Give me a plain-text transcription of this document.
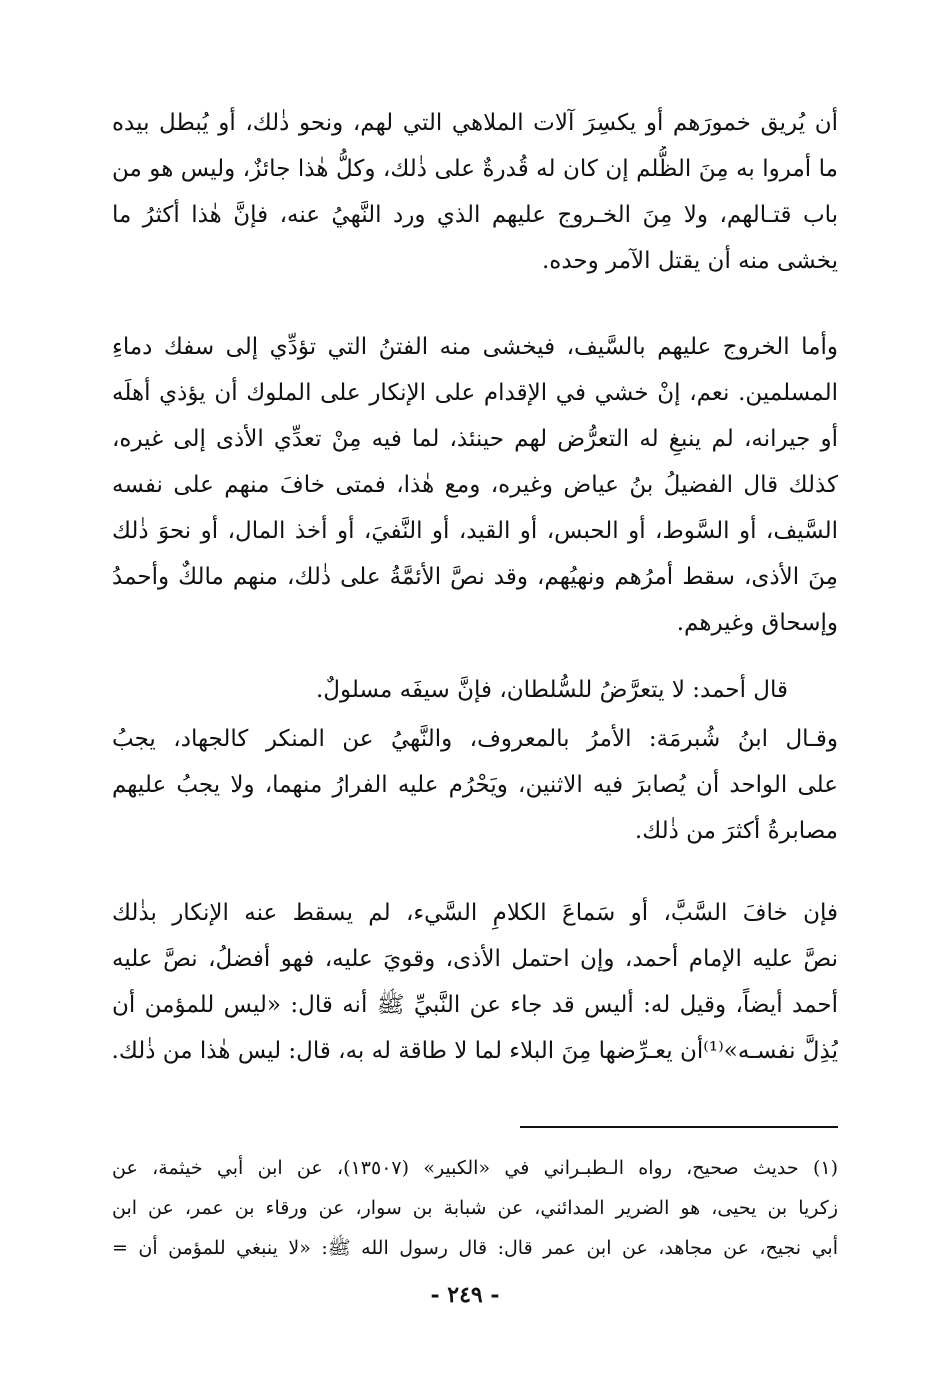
أن يُريق خمورَهم أو يكسِرَ آلات الملاهي التي لهم، ونحو ذٰلك، أو يُبطل بيده
ما أمروا به مِنَ الظُّلم إن كان له قُدرةٌ على ذٰلك، وكلُّ هٰذا جائزٌ، وليس هو من
باب قتـالهم، ولا مِنَ الخـروج عليهم الذي ورد النَّهيُ عنه، فإنَّ هٰذا أكثرُ ما
يخشى منه أن يقتل الآمر وحده.
وأما الخروج عليهم بالسَّيف، فيخشى منه الفتنُ التي تؤدِّي إلى سفك دماءِ
المسلمين. نعم، إنْ خشي في الإقدام على الإنكار على الملوك أن يؤذي أهلَه
أو جيرانه، لم ينبغِ له التعرُّض لهم حينئذ، لما فيه مِنْ تعدِّي الأذى إلى غيره،
كذلك قال الفضيلُ بنُ عياض وغيره، ومع هٰذا، فمتى خافَ منهم على نفسه
السَّيف، أو السَّوط، أو الحبس، أو القيد، أو النَّفيَ، أو أخذ المال، أو نحوَ ذٰلك
مِنَ الأذى، سقط أمرُهم ونهيُهم، وقد نصَّ الأئمَّةُ على ذٰلك، منهم مالكٌ وأحمدُ
وإسحاق وغيرهم.
قال أحمد: لا يتعرَّضُ للسُّلطان، فإنَّ سيفَه مسلولٌ.
وقـال ابنُ شُبرمَة: الأمرُ بالمعروف، والنَّهيُ عن المنكر كالجهاد، يجبُ
على الواحد أن يُصابرَ فيه الاثنين، ويَحْرُم عليه الفرارُ منهما، ولا يجبُ عليهم
مصابرةُ أكثرَ من ذٰلك.
فإن خافَ السَّبَّ، أو سَماعَ الكلامِ السَّيء، لم يسقط عنه الإنكار بذٰلك
نصَّ عليه الإمام أحمد، وإن احتمل الأذى، وقويَ عليه، فهو أفضلُ، نصَّ عليه
أحمد أيضاً، وقيل له: أليس قد جاء عن النَّبيِّ ﷺ أنه قال: «ليس للمؤمن أن
يُذِلَّ نفسـه»⁽¹⁾أن يعـرِّضها مِنَ البلاء لما لا طاقة له به، قال: ليس هٰذا من ذٰلك.
(١) حديث صحيح، رواه الـطبـراني في «الكبير» (١٣٥٠٧)، عن ابن أبي خيثمة، عن
زكريا بن يحيى، هو الضرير المدائني، عن شبابة بن سوار، عن ورقاء بن عمر، عن ابن
أبي نجيح، عن مجاهد، عن ابن عمر قال: قال رسول الله ﷺ: «لا ينبغي للمؤمن أن =
- ٢٤٩ -
